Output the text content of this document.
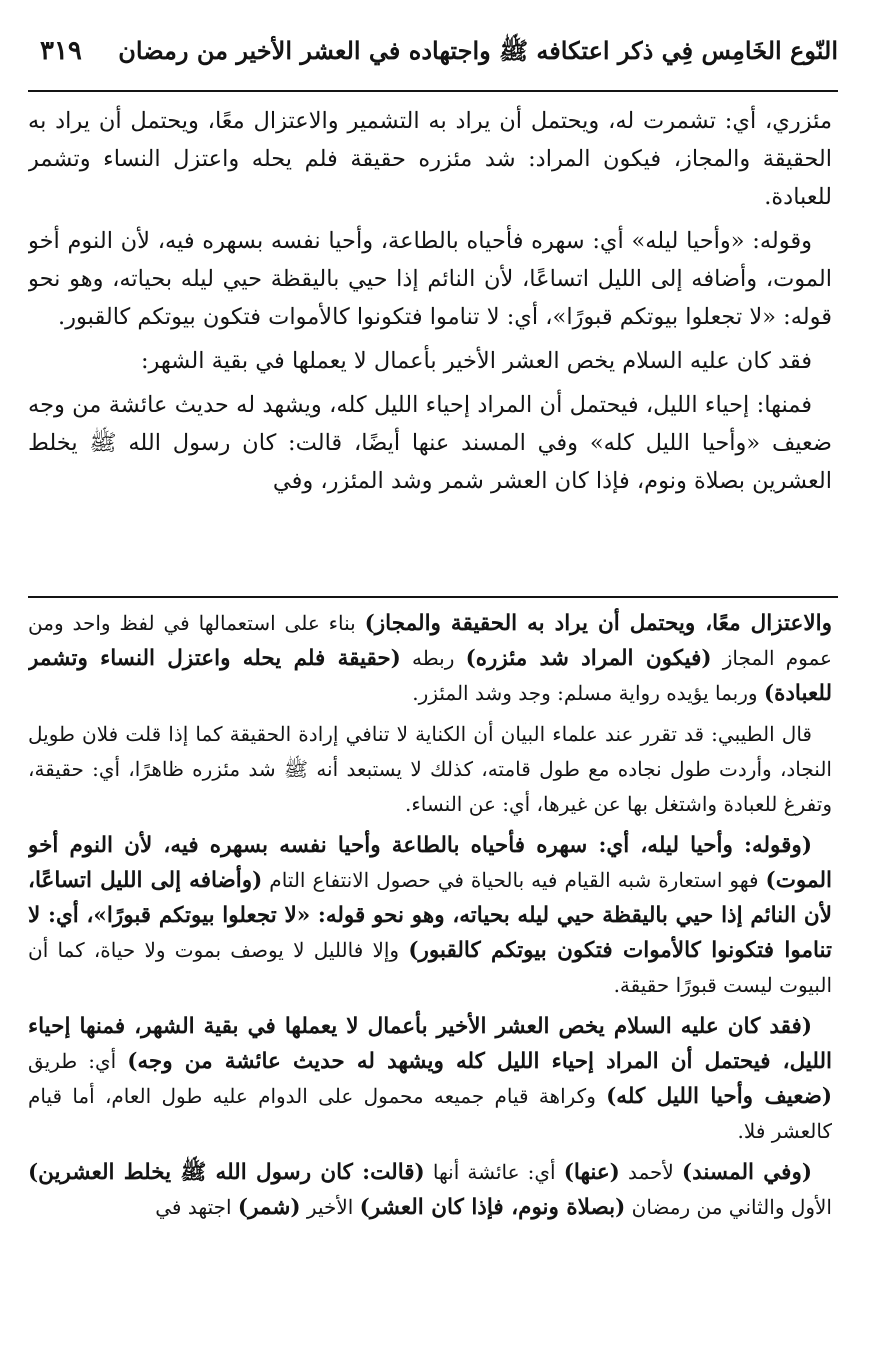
النّوع الخَامِس فِي ذكر اعتكافه ﷺ واجتهاده في العشر الأخير من رمضان
٣١٩

مئزري، أي: تشمرت له، ويحتمل أن يراد به التشمير والاعتزال معًا، ويحتمل أن يراد به الحقيقة والمجاز، فيكون المراد: شد مئزره حقيقة فلم يحله واعتزل النساء وتشمر للعبادة.

وقوله: «وأحيا ليله» أي: سهره فأحياه بالطاعة، وأحيا نفسه بسهره فيه، لأن النوم أخو الموت، وأضافه إلى الليل اتساعًا، لأن النائم إذا حيي باليقظة حيي ليله بحياته، وهو نحو قوله: «لا تجعلوا بيوتكم قبورًا»، أي: لا تناموا فتكونوا كالأموات فتكون بيوتكم كالقبور.

فقد كان عليه السلام يخص العشر الأخير بأعمال لا يعملها في بقية الشهر:

فمنها: إحياء الليل، فيحتمل أن المراد إحياء الليل كله، ويشهد له حديث عائشة من وجه ضعيف «وأحيا الليل كله» وفي المسند عنها أيضًا، قالت: كان رسول الله ﷺ يخلط العشرين بصلاة ونوم، فإذا كان العشر شمر وشد المئزر، وفي

والاعتزال معًا، ويحتمل أن يراد به الحقيقة والمجاز) بناء على استعمالها في لفظ واحد ومن عموم المجاز (فيكون المراد شد مئزره) ربطه (حقيقة فلم يحله واعتزل النساء وتشمر للعبادة) وربما يؤيده رواية مسلم: وجد وشد المئزر.

قال الطيبي: قد تقرر عند علماء البيان أن الكناية لا تنافي إرادة الحقيقة كما إذا قلت فلان طويل النجاد، وأردت طول نجاده مع طول قامته، كذلك لا يستبعد أنه ﷺ شد مئزره ظاهرًا، أي: حقيقة، وتفرغ للعبادة واشتغل بها عن غيرها، أي: عن النساء.

(وقوله: وأحيا ليله، أي: سهره فأحياه بالطاعة وأحيا نفسه بسهره فيه، لأن النوم أخو الموت) فهو استعارة شبه القيام فيه بالحياة في حصول الانتفاع التام (وأضافه إلى الليل اتساعًا، لأن النائم إذا حيي باليقظة حيي ليله بحياته، وهو نحو قوله: «لا تجعلوا بيوتكم قبورًا»، أي: لا تناموا فتكونوا كالأموات فتكون بيوتكم كالقبور) وإلا فالليل لا يوصف بموت ولا حياة، كما أن البيوت ليست قبورًا حقيقة.

(فقد كان عليه السلام يخص العشر الأخير بأعمال لا يعملها في بقية الشهر، فمنها إحياء الليل، فيحتمل أن المراد إحياء الليل كله ويشهد له حديث عائشة من وجه) أي: طريق (ضعيف وأحيا الليل كله) وكراهة قيام جميعه محمول على الدوام عليه طول العام، أما قيام كالعشر فلا.

(وفي المسند) لأحمد (عنها) أي: عائشة أنها (قالت: كان رسول الله ﷺ يخلط العشرين) الأول والثاني من رمضان (بصلاة ونوم، فإذا كان العشر) الأخير (شمر) اجتهد في
